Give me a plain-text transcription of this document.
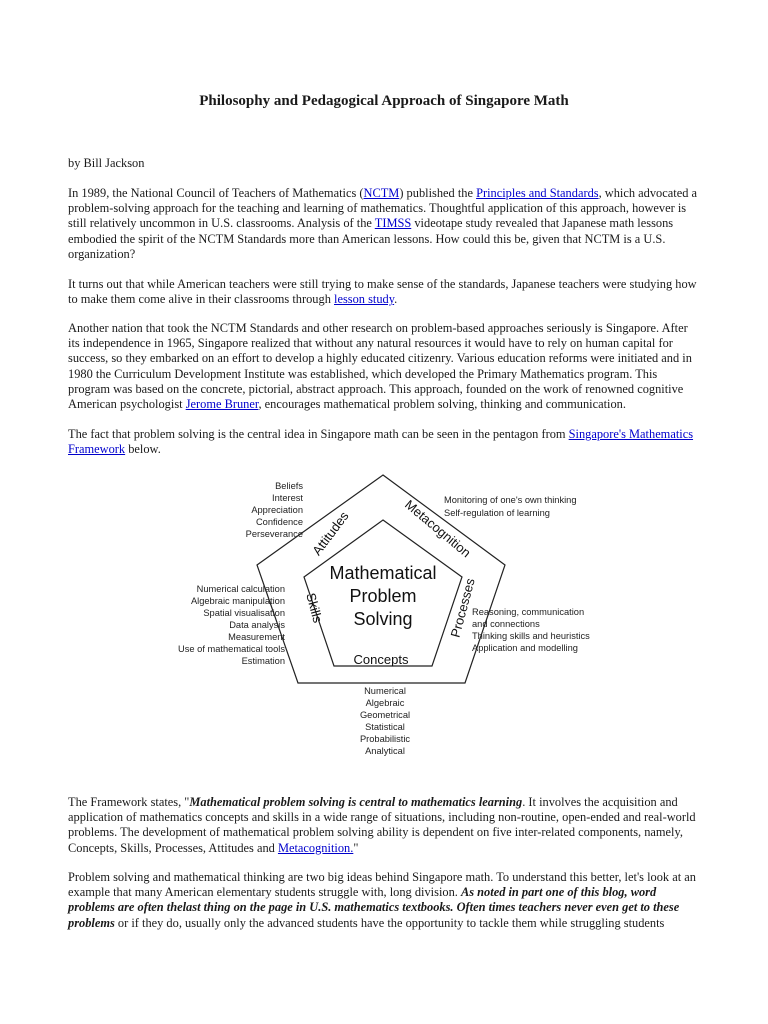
Philosophy and Pedagogical Approach of Singapore Math

by Bill Jackson

In 1989, the National Council of Teachers of Mathematics (NCTM) published the Principles and Standards, which advocated a problem-solving approach for the teaching and learning of mathematics. Thoughtful application of this approach, however is still relatively uncommon in U.S. classrooms. Analysis of the TIMSS videotape study revealed that Japanese math lessons embodied the spirit of the NCTM Standards more than American lessons. How could this be, given that NCTM is a U.S. organization?

It turns out that while American teachers were still trying to make sense of the standards, Japanese teachers were studying how to make them come alive in their classrooms through lesson study.

Another nation that took the NCTM Standards and other research on problem-based approaches seriously is Singapore. After its independence in 1965, Singapore realized that without any natural resources it would have to rely on human capital for success, so they embarked on an effort to develop a highly educated citizenry. Various education reforms were initiated and in 1980 the Curriculum Development Institute was established, which developed the Primary Mathematics program. This program was based on the concrete, pictorial, abstract approach. This approach, founded on the work of renowned cognitive American psychologist Jerome Bruner, encourages mathematical problem solving, thinking and communication.

The fact that problem solving is the central idea in Singapore math can be seen in the pentagon from Singapore's Mathematics Framework below.

Mathematical
Problem
Solving
Attitudes	Metacognition
Processes
Concepts
Skills
Beliefs
Interest
Appreciation
Confidence
Perseverance
Monitoring of one's own thinking
Self-regulation of learning
Numerical calculation
Algebraic manipulation
Spatial visualisation
Data analysis
Measurement
Use of mathematical tools
Estimation
Reasoning, communication
and connections
Thinking skills and heuristics
Application and modelling
Numerical
Algebraic
Geometrical
Statistical
Probabilistic
Analytical

The Framework states, "Mathematical problem solving is central to mathematics learning. It involves the acquisition and application of mathematics concepts and skills in a wide range of situations, including non-routine, open-ended and real-world problems. The development of mathematical problem solving ability is dependent on five inter-related components, namely, Concepts, Skills, Processes, Attitudes and Metacognition."

Problem solving and mathematical thinking are two big ideas behind Singapore math. To understand this better, let's look at an example that many American elementary students struggle with, long division. As noted in part one of this blog, word problems are often thelast thing on the page in U.S. mathematics textbooks. Often times teachers never even get to these problems or if they do, usually only the advanced students have the opportunity to tackle them while struggling students
